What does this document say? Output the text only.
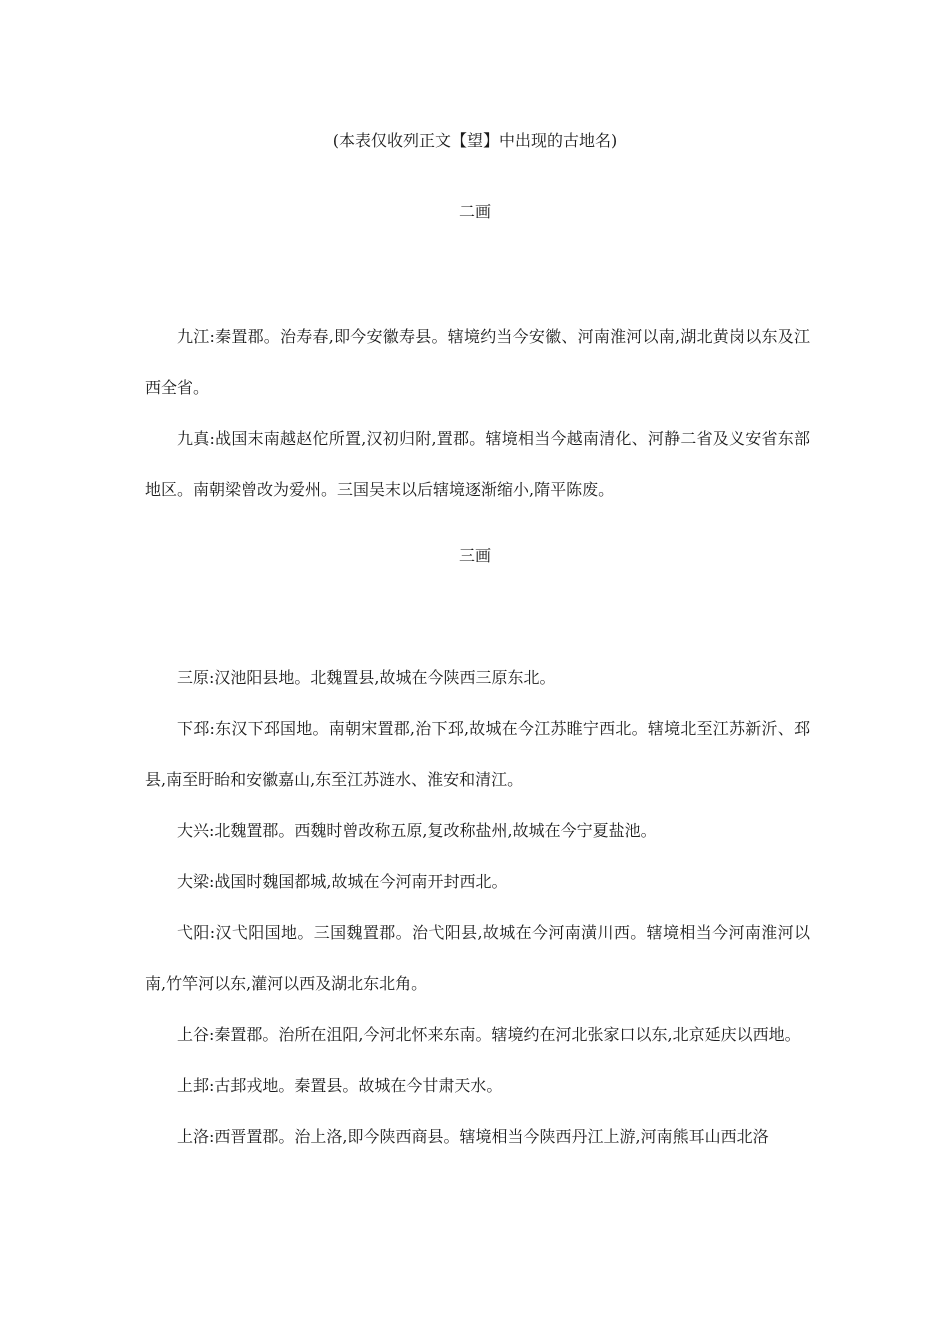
(本表仅收列正文【望】中出现的古地名)
二画

九江:秦置郡。治寿春,即今安徽寿县。辖境约当今安徽、河南淮河以南,湖北黄岗以东及江西全省。

九真:战国末南越赵佗所置,汉初归附,置郡。辖境相当今越南清化、河静二省及义安省东部地区。南朝梁曾改为爱州。三国吴末以后辖境逐渐缩小,隋平陈废。

三画

三原:汉池阳县地。北魏置县,故城在今陕西三原东北。

下邳:东汉下邳国地。南朝宋置郡,治下邳,故城在今江苏睢宁西北。辖境北至江苏新沂、邳县,南至盱眙和安徽嘉山,东至江苏涟水、淮安和清江。

大兴:北魏置郡。西魏时曾改称五原,复改称盐州,故城在今宁夏盐池。

大梁:战国时魏国都城,故城在今河南开封西北。

弋阳:汉弋阳国地。三国魏置郡。治弋阳县,故城在今河南潢川西。辖境相当今河南淮河以南,竹竿河以东,灌河以西及湖北东北角。

上谷:秦置郡。治所在沮阳,今河北怀来东南。辖境约在河北张家口以东,北京延庆以西地。

上邽:古邽戎地。秦置县。故城在今甘肃天水。

上洛:西晋置郡。治上洛,即今陕西商县。辖境相当今陕西丹江上游,河南熊耳山西北洛
